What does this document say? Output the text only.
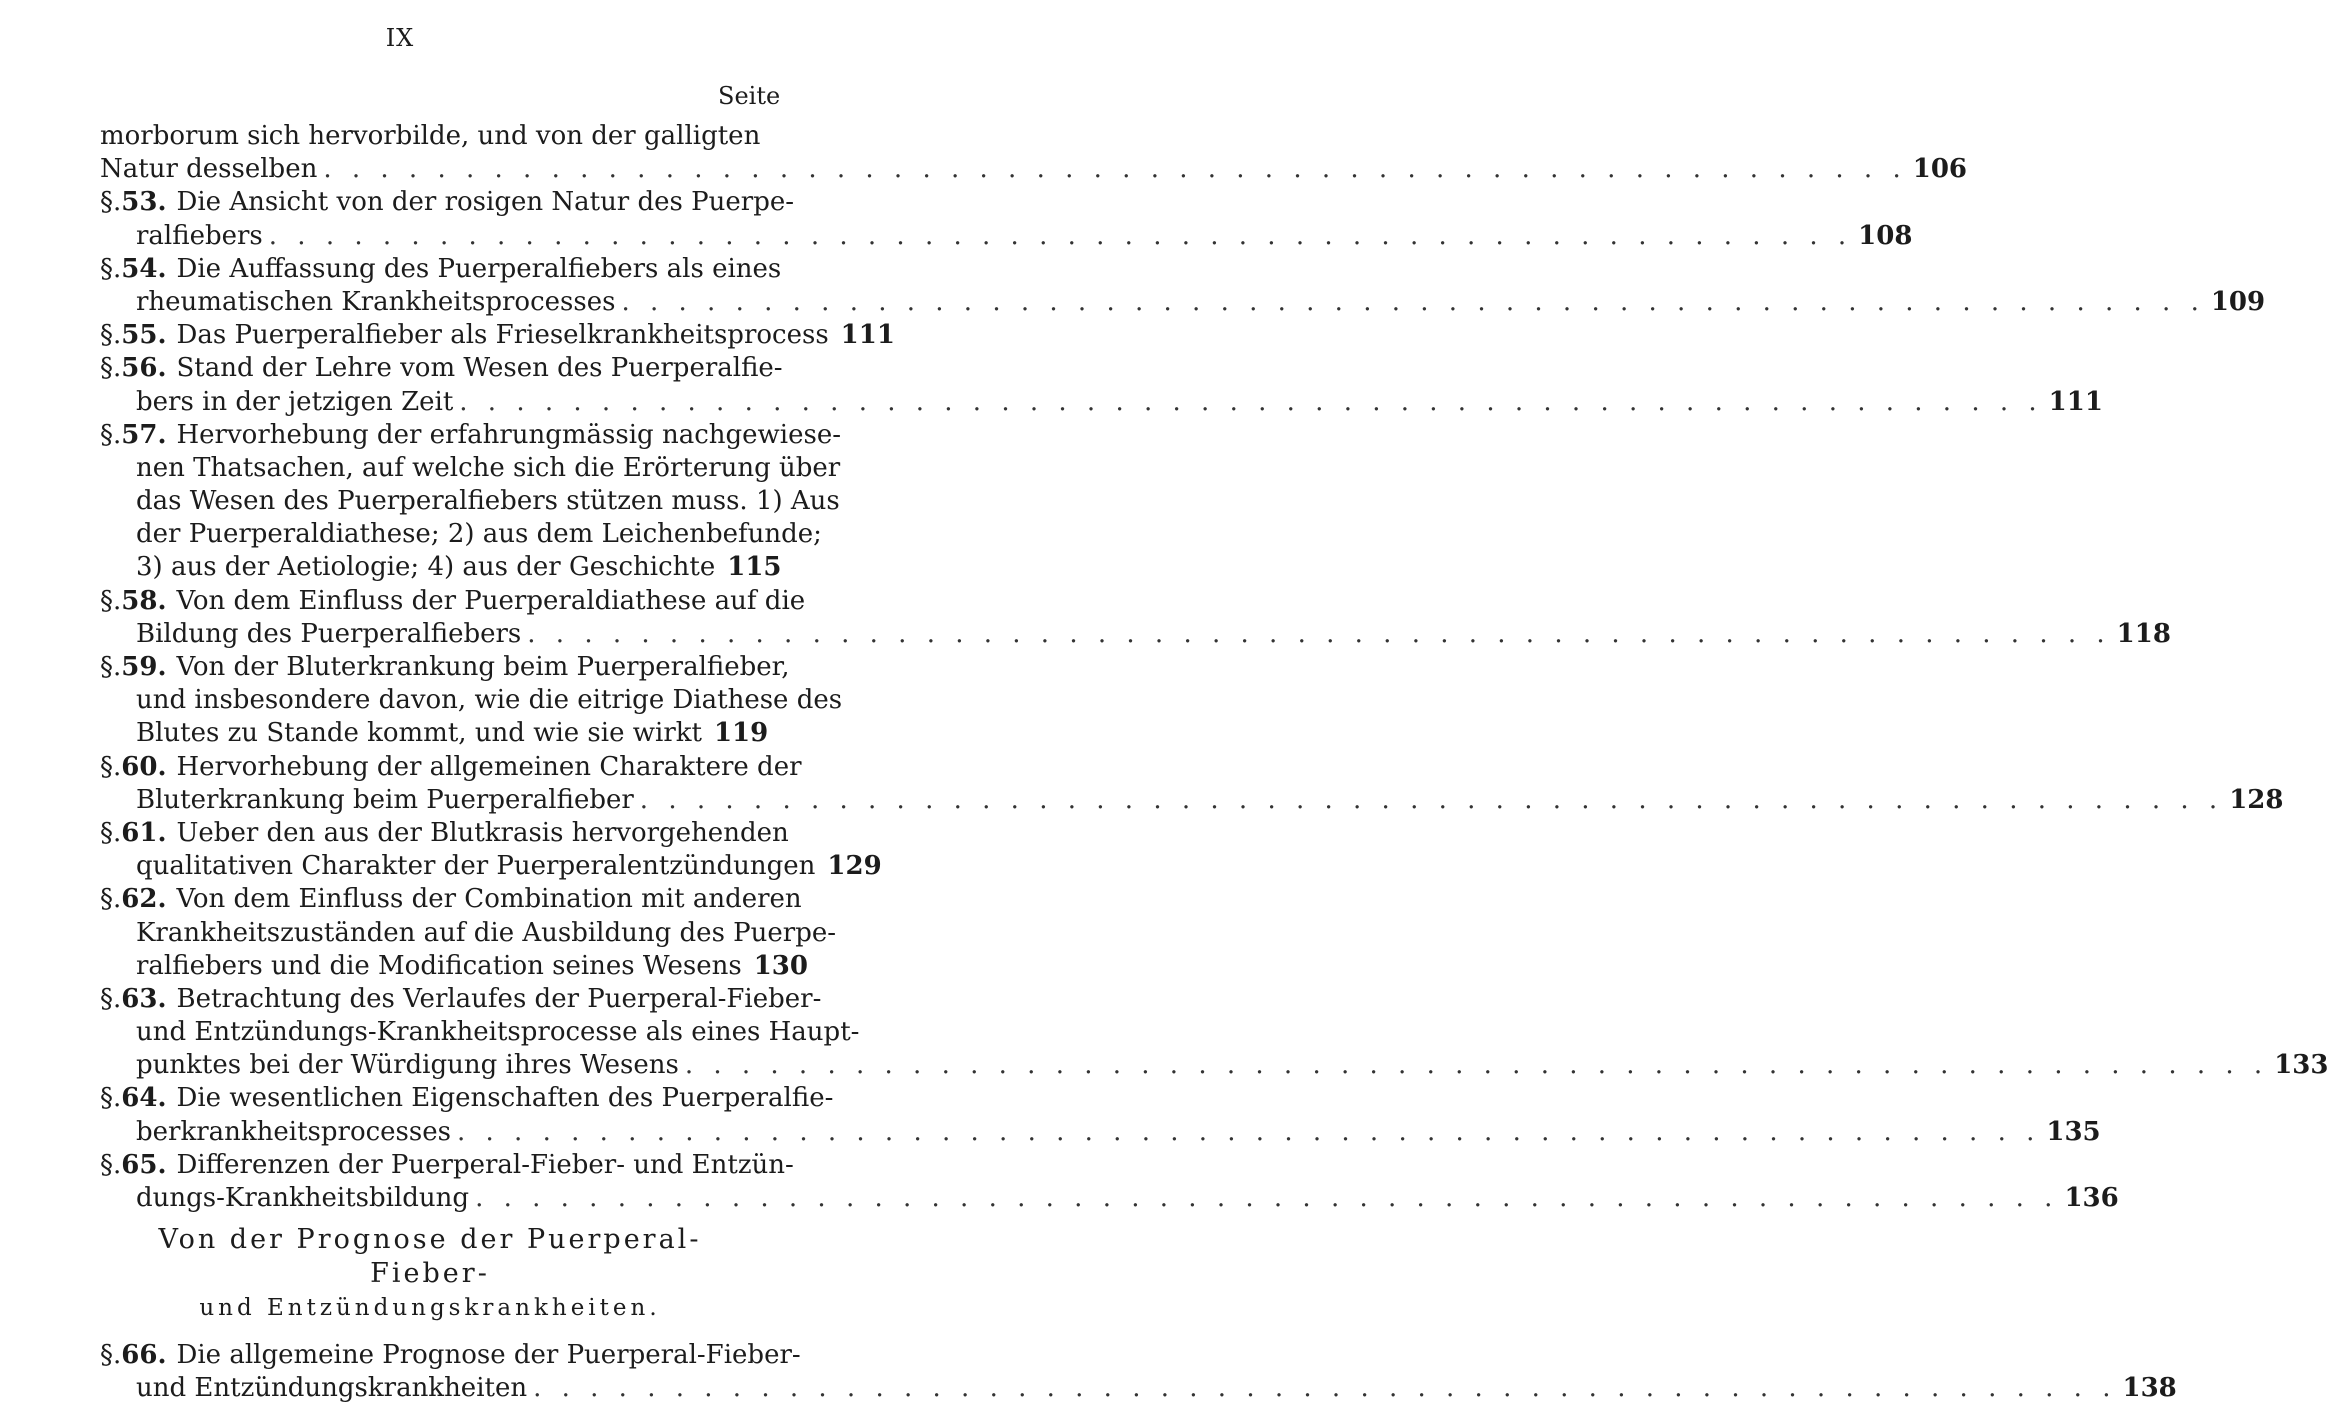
IX
Seite
morborum sich hervorbilde, und von der galligten
Natur desselben . . .	106
§. 53. Die Ansicht von der rosigen Natur des Puerpe-
ralfiebers . . .	108
§. 54. Die Auffassung des Puerperalfiebers als eines
rheumatischen Krankheitsprocesses . . .	109
§. 55. Das Puerperalfieber als Frieselkrankheitsprocess 111
§. 56. Stand der Lehre vom Wesen des Puerperalfie-
bers in der jetzigen Zeit . . .	111
§. 57. Hervorhebung der erfahrungmässig nachgewiese-
nen Thatsachen, auf welche sich die Erörterung über
das Wesen des Puerperalfiebers stützen muss. 1) Aus
der Puerperaldiathese; 2) aus dem Leichenbefunde;
3) aus der Aetiologie; 4) aus der Geschichte 115
§. 58. Von dem Einfluss der Puerperaldiathese auf die
Bildung des Puerperalfiebers . . .	118
§. 59. Von der Bluterkrankung beim Puerperalfieber,
und insbesondere davon, wie die eitrige Diathese des
Blutes zu Stande kommt, und wie sie wirkt 119
§. 60. Hervorhebung der allgemeinen Charaktere der
Bluterkrankung beim Puerperalfieber . . .	128
§. 61. Ueber den aus der Blutkrasis hervorgehenden
qualitativen Charakter der Puerperalentzündungen 129
§. 62. Von dem Einfluss der Combination mit anderen
Krankheitszuständen auf die Ausbildung des Puerpe-
ralfiebers und die Modification seines Wesens 130
§. 63. Betrachtung des Verlaufes der Puerperal-Fieber-
und Entzündungs-Krankheitsprocesse als eines Haupt-
punktes bei der Würdigung ihres Wesens . . .	133
§. 64. Die wesentlichen Eigenschaften des Puerperalfie-
berkrankheitsprocesses . . .	135
§. 65. Differenzen der Puerperal-Fieber- und Entzün-
dungs-Krankheitsbildung . . .	136
Von der Prognose der Puerperal-Fieber-
und Entzündungskrankheiten.
§. 66. Die allgemeine Prognose der Puerperal-Fieber-
und Entzündungskrankheiten . . .	138
